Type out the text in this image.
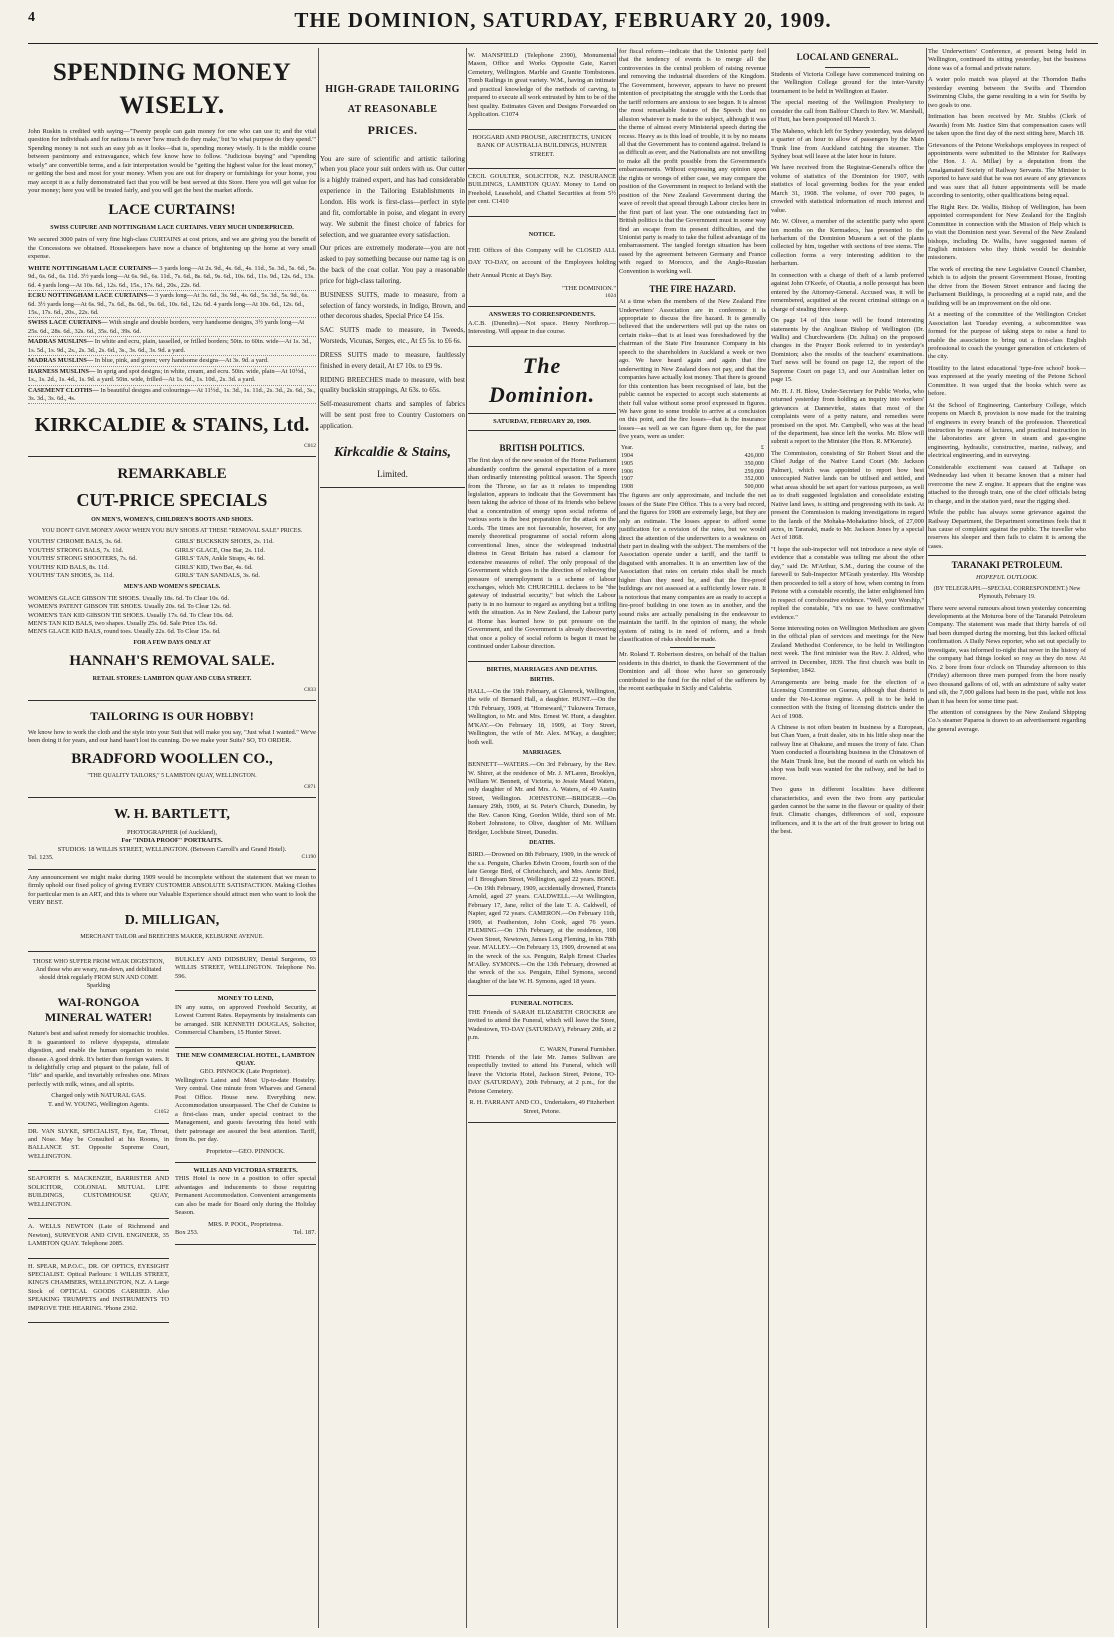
4	THE DOMINION, SATURDAY, FEBRUARY 20, 1909.
SPENDING MONEY WISELY.

John Ruskin is credited with saying—"Twenty people can gain money for one who can use it; and the vital question for individuals and for nations is never 'how much do they make,' but 'to what purpose do they spend.'" Spending money is not such an easy job as it looks—that is, spending money wisely. It is the middle course between parsimony and extravagance, which few know how to follow. "Judicious buying" and "spending wisely" are convertible terms, and a fair interpretation would be "getting the highest value for the least money," or getting the best and most for your money. When you are out for drapery or furnishings for your home, you may accept it as a fully demonstrated fact that you will be best served at this Store. Here you will get value for your money; here you will be treated fairly, and you will get the best the market affords.

LACE CURTAINS!
SWISS CUIPURE AND NOTTINGHAM LACE CURTAINS. VERY MUCH UNDERPRICED.

We secured 3000 pairs of very fine high-class CURTAINS at cost prices, and we are giving you the benefit of the Concessions we obtained. Housekeepers have now a chance of brightening up the home at very small expense.

WHITE NOTTINGHAM LACE CURTAINS— 3 yards long—At 2s. 9d., 4s. 6d., 4s. 11d., 5s. 3d., 5s. 6d., 5s. 9d., 6s. 6d., 6s. 11d. 3½ yards long—At 6s. 9d., 6s. 11d., 7s. 6d., 8s. 6d., 9s. 6d., 10s. 6d., 11s. 9d., 12s. 6d., 13s. 6d. 4 yards long—At 10s. 6d., 12s. 6d., 15s., 17s. 6d., 20s., 22s. 6d.
ECRU NOTTINGHAM LACE CURTAINS— 3 yards long—At 3s. 6d., 3s. 9d., 4s. 6d., 5s. 3d., 5s. 9d., 6s. 6d. 3½ yards long—At 6s. 9d., 7s. 6d., 8s. 6d., 9s. 6d., 10s. 6d., 12s. 6d. 4 yards long—At 10s. 6d., 12s. 6d., 15s., 17s. 6d., 20s., 22s. 6d.
SWISS LACE CURTAINS— With single and double borders, very handsome designs, 3½ yards long—At 25s. 6d., 28s. 6d., 32s. 6d., 35s. 6d., 39s. 6d.
MADRAS MUSLINS— In white and ecru, plain, tasselled, or frilled borders; 50in. to 60in. wide—At 1s. 3d., 1s. 5d., 1s. 9d., 2s., 2s. 3d., 2s. 6d., 3s., 3s. 6d., 3s. 9d. a yard.
MADRAS MUSLINS— In blue, pink, and green; very handsome designs—At 3s. 9d. a yard.
HARNESS MUSLINS— In sprig and spot designs; in white, cream, and ecru. 50in. wide, plain—At 10½d., 1s., 1s. 2d., 1s. 4d., 1s. 9d. a yard. 50in. wide, frilled—At 1s. 6d., 1s. 10d., 2s. 3d. a yard.
CASEMENT CLOTHS— In beautiful designs and colourings—At 11½d., 1s. 3d., 1s. 11d., 2s. 3d., 2s. 6d., 3s., 3s. 3d., 3s. 6d., 4s.
KIRKCALDIE & STAINS, Ltd.
C812
REMARKABLE
CUT-PRICE SPECIALS
ON MEN'S, WOMEN'S, CHILDREN'S BOOTS AND SHOES.
YOU DON'T GIVE MONEY AWAY WHEN YOU BUY SHOES AT THESE "REMOVAL SALE" PRICES.
YOUTHS' CHROME BALS, 3s. 6d.
YOUTHS' STRONG BALS, 7s. 11d.
YOUTHS' STRONG SHOOTERS, 7s. 6d.
YOUTHS' KID BALS, 8s. 11d.
YOUTHS' TAN SHOES, 3s. 11d.
GIRLS' BUCKSKIN SHOES, 2s. 11d.
GIRLS' GLACE, One Bar, 2s. 11d.
GIRLS' TAN, Ankle Straps, 4s. 6d.
GIRLS' KID, Two Bar, 4s. 6d.
GIRLS' TAN SANDALS, 3s. 6d.
MEN'S AND WOMEN'S SPECIALS.
WOMEN'S GLACE GIBSON TIE SHOES. Usually 18s. 6d. To Clear 10s. 6d.
WOMEN'S PATENT GIBSON TIE SHOES. Usually 20s. 6d. To Clear 12s. 6d.
WOMEN'S TAN KID GIBSON TIE SHOES. Usually 17s. 6d. To Clear 10s. 6d.
MEN'S TAN KID BALS, two shapes. Usually 25s. 6d. Sale Price 15s. 6d.
MEN'S GLACE KID BALS, round toes. Usually 22s. 6d. To Clear 15s. 6d.
FOR A FEW DAYS ONLY AT
HANNAH'S REMOVAL SALE.
RETAIL STORES: LAMBTON QUAY AND CUBA STREET.
C833
TAILORING IS OUR HOBBY!

We know how to work the cloth and the style into your Suit that will make you say, "Just what I wanted." We've been doing it for years, and our hand hasn't lost its cunning. Do we make your Suits? SO, TO ORDER.

BRADFORD WOOLLEN CO.,
"THE QUALITY TAILORS," 5 LAMBTON QUAY, WELLINGTON.
C871
W. H. BARTLETT,
PHOTOGRAPHER (of Auckland),
For "INDIA PROOF" PORTRAITS.
STUDIOS: 18 WILLIS STREET, WELLINGTON. (Between Carroll's and Grand Hotel).
Tel. 1235.	C1190

Any announcement we might make during 1909 would be incomplete without the statement that we mean to firmly uphold our fixed policy of giving EVERY CUSTOMER ABSOLUTE SATISFACTION. Making Clothes for particular men is an ART, and this is where our Valuable Experience should attract men who want to look the VERY BEST.

D. MILLIGAN,
MERCHANT TAILOR and BREECHES MAKER, KELBURNE AVENUE.
THOSE WHO SUFFER FROM WEAK DIGESTION, And those who are weary, run-down, and debilitated should drink regularly FROM SUN AND COME Sparkling
WAI-RONGOA MINERAL WATER!

Nature's best and safest remedy for stomachic troubles. It is guaranteed to relieve dyspepsia, stimulate digestion, and enable the human organism to resist disease. A good drink. It's better than foreign waters. It is delightfully crisp and piquant to the palate, full of "life" and sparkle, and invariably refreshes one. Mixes perfectly with milk, wines, and all spirits.

Charged only with NATURAL GAS.
T. and W. YOUNG, Wellington Agents.
C1052

DR. VAN SLYKE, SPECIALIST, Eye, Ear, Throat, and Nose. May be Consulted at his Rooms, in BALLANCE ST. Opposite Supreme Court, WELLINGTON.

SEAFORTH S. MACKENZIE, BARRISTER AND SOLICITOR, COLONIAL MUTUAL LIFE BUILDINGS, CUSTOMHOUSE QUAY, WELLINGTON.

A. WELLS NEWTON (Late of Richmond and Newton), SURVEYOR AND CIVIL ENGINEER, 35 LAMBTON QUAY. Telephone 2085.

H. SPEAR, M.P.O.C., DR. OF OPTICS, EYESIGHT SPECIALIST. Optical Parlours: 1 WILLIS STREET, KING'S CHAMBERS, WELLINGTON, N.Z. A Large Stock of OPTICAL GOODS CARRIED. Also SPEAKING TRUMPETS and INSTRUMENTS TO IMPROVE THE HEARING. 'Phone 2362.

BULKLEY AND DIDSBURY, Dental Surgeons, 93 WILLIS STREET, WELLINGTON. Telephone No. 596.

MONEY TO LEND,

IN any sums, on approved Freehold Security, at Lowest Current Rates. Repayments by instalments can be arranged. SIR KENNETH DOUGLAS, Solicitor, Commercial Chambers, 15 Hunter Street.

THE NEW COMMERCIAL HOTEL, LAMBTON QUAY.
GEO. PINNOCK (Late Proprietor).

Wellington's Latest and Most Up-to-date Hostelry. Very central. One minute from Wharves and General Post Office. House new. Everything new. Accommodation unsurpassed. The Chef de Cuisine is a first-class man, under special contract to the Management, and guests favouring this hotel with their patronage are assured the best attention. Tariff, from 8s. per day.

Proprietor—GEO. PINNOCK.
WILLIS AND VICTORIA STREETS.

THIS Hotel is now in a position to offer special advantages and inducements to those requiring Permanent Accommodation. Convenient arrangements can also be made for Board only during the Holiday Season.

MRS. P. POOL, Proprietress.
Box 253.	Tel. 187.
HIGH-GRADE TAILORING
AT REASONABLE
PRICES.

You are sure of scientific and artistic tailoring when you place your suit orders with us. Our cutter is a highly trained expert, and has had considerable experience in the Tailoring Establishments in London. His work is first-class—perfect in style and fit, comfortable in poise, and elegant in every way. We submit the finest choice of fabrics for selection, and we guarantee every satisfaction.

Our prices are extremely moderate—you are not asked to pay something because our name tag is on the back of the coat collar. You pay a reasonable price for high-class tailoring.

BUSINESS SUITS, made to measure, from a selection of fancy worsteds, in Indigo, Brown, and other decorous shades, Special Price £4 15s.

SAC SUITS made to measure, in Tweeds, Worsteds, Vicunas, Serges, etc., At £5 5s. to £6 6s.

DRESS SUITS made to measure, faultlessly finished in every detail, At £7 10s. to £9 9s.

RIDING BREECHES made to measure, with best quality buckskin strappings, At 63s. to 65s.

Self-measurement charts and samples of fabrics will be sent post free to Country Customers on application.

Kirkcaldie & Stains,
Limited.

W. MANSFIELD (Telephone 2390), Monumental Mason, Office and Works Opposite Gate, Karori Cemetery, Wellington. Marble and Granite Tombstones. Tomb Railings in great variety. W.M., having an intimate and practical knowledge of the methods of carving, is prepared to execute all work entrusted by him to be of the best quality. Estimates Given and Designs Forwarded on Application. C1074

HOGGARD AND PROUSE, ARCHITECTS, UNION BANK OF AUSTRALIA BUILDINGS, HUNTER STREET.

CECIL GOULTER, SOLICITOR, N.Z. INSURANCE BUILDINGS, LAMBTON QUAY. Money to Lend on Freehold, Leasehold, and Chattel Securities at from 5½ per cent. C1410

NOTICE.

THE Offices of this Company will be CLOSED ALL DAY TO-DAY, on account of the Employees holding their Annual Picnic at Day's Bay.

"THE DOMINION."
1024
ANSWERS TO CORRESPONDENTS.

A.C.B. (Dunedin).—Not space. Henry Northrop.—Interesting. Will appear in due course.

The Dominion.
SATURDAY, FEBRUARY 20, 1909.
BRITISH POLITICS.

The first days of the new session of the Home Parliament abundantly confirm the general expectation of a more than ordinarily interesting political season. The Speech from the Throne, so far as it relates to impending legislation, appears to indicate that the Government has been taking the advice of those of its friends who believe that a concentration of energy upon social reforms of various sorts is the best preparation for the attack on the Lords. The times are not favourable, however, for any merely theoretical programme of social reform along conventional lines, since the widespread industrial distress in Great Britain has raised a clamour for extensive measures of relief. The only proposal of the Government which goes in the direction of relieving the pressure of unemployment is a scheme of labour exchanges, which Mr. CHURCHILL declares to be "the gateway of industrial security," but which the Labour party is in no humour to regard as anything but a trifling with the situation. As in New Zealand, the Labour party at Home has learned how to put pressure on the Government, and the Government is already discovering that once a policy of social reform is begun it must be continued under Labour direction.

BIRTHS, MARRIAGES AND DEATHS.
BIRTHS.

HALL.—On the 19th February, at Glenrock, Wellington, the wife of Bernard Hall, a daughter. HUNT.—On the 17th February, 1909, at "Homeward," Tukuwera Terrace, Wellington, to Mr. and Mrs. Ernest W. Hunt, a daughter. M'KAY.—On February 18, 1909, at Tory Street, Wellington, the wife of Mr. Alex. M'Kay, a daughter; both well.

MARRIAGES.

BENNETT—WATERS.—On 3rd February, by the Rev. W. Shirer, at the residence of Mr. J. M'Laren, Brooklyn, William W. Bennett, of Victoria, to Jessie Maud Waters, only daughter of Mr. and Mrs. A. Waters, of 49 Austin Street, Wellington. JOHNSTONE—BRIDGER.—On January 29th, 1909, at St. Peter's Church, Dunedin, by the Rev. Canon King, Gordon Wilde, third son of Mr. Robert Johnstone, to Olive, daughter of Mr. William Bridger, Lochbuie Street, Dunedin.

DEATHS.

BIRD.—Drowned on 8th February, 1909, in the wreck of the s.s. Penguin, Charles Edwin Croom, fourth son of the late George Bird, of Christchurch, and Mrs. Annie Bird, of 1 Brougham Street, Wellington, aged 22 years. BONE.—On 19th February, 1909, accidentally drowned, Francis Arnold, aged 27 years. CALDWELL.—At Wellington, February 17, Jane, relict of the late T. A. Caldwell, of Napier, aged 72 years. CAMERON.—On February 11th, 1909, at Featherston, John Cook, aged 76 years. FLEMING.—On 17th February, at the residence, 108 Owen Street, Newtown, James Long Fleming, in his 78th year. M'ALLEY.—On February 13, 1909, drowned at sea in the wreck of the s.s. Penguin, Ralph Ernest Charles M'Alley. SYMONS.—On the 13th February, drowned at the wreck of the s.s. Penguin, Ethel Symons, second daughter of the late W. H. Symons, aged 18 years.

FUNERAL NOTICES.

THE Friends of SARAH ELIZABETH CROCKER are invited to attend the Funeral, which will leave the Store, Wadestown, TO-DAY (SATURDAY), February 20th, at 2 p.m.

C. WARN, Funeral Furnisher.

THE Friends of the late Mr. James Sullivan are respectfully invited to attend his Funeral, which will leave the Victoria Hotel, Jackson Street, Petone, TO-DAY (SATURDAY), 20th February, at 2 p.m., for the Petone Cemetery.

R. H. FARRANT AND CO., Undertakers, 49 Fitzherbert Street, Petone.

for fiscal reform—indicate that the Unionist party feel that the tendency of events is to merge all the controversies in the central problem of raising revenue and removing the industrial disorders of the Kingdom. The Government, however, appears to have no present intention of precipitating the struggle with the Lords that the tariff reformers are anxious to see begun. It is almost the most remarkable feature of the Speech that no allusion whatever is made to the subject, although it was the theme of almost every Ministerial speech during the recess. Heavy as is this load of trouble, it is by no means all that the Government has to contend against. Ireland is as difficult as ever, and the Nationalists are not unwilling to make all the profit possible from the Government's embarrassments. Without expressing any opinion upon the rights or wrongs of either case, we may compare the position of the Government in respect to Ireland with the position of the New Zealand Government during the wave of revolt that spread through Labour circles here in the first part of last year. The one outstanding fact in British politics is that the Government must in some way find an escape from its present difficulties, and the Unionist party is ready to take the fullest advantage of its embarrassment. The tangled foreign situation has been eased by the agreement between Germany and France with regard to Morocco, and the Anglo-Russian Convention is working well.

THE FIRE HAZARD.

At a time when the members of the New Zealand Fire Underwriters' Association are in conference it is appropriate to discuss the fire hazard. It is generally believed that the underwriters will put up the rates on certain risks—that is at least was foreshadowed by the chairman of the State Fire Insurance Company in his speech to the shareholders in Auckland a week or two ago. We have heard again and again that fire underwriting in New Zealand does not pay, and that the companies have actually lost money. That there is ground for this contention has been recognised of late, but the public cannot be expected to accept such statements at their full value without some proof expressed in figures. We have gone to some trouble to arrive at a conclusion on this point, and the fire losses—that is the insurance losses—as well as we can figure them up, for the past five years, were as under:

Year.	£
1904	426,000
1905	350,000
1906	259,000
1907	352,000
1908	500,000

The figures are only approximate, and include the net losses of the State Fire Office. This is a very bad record, and the figures for 1908 are extremely large, but they are only an estimate. The losses appear to afford some justification for a revision of the rates, but we would direct the attention of the underwriters to a weakness on their part in dealing with the subject. The members of the Association operate under a tariff, and the tariff is disguised with anomalies. It is an unwritten law of the Association that rates on certain risks shall be much higher than they need be, and that the fire-proof buildings are not assessed at a sufficiently lower rate. It is notorious that many companies are as ready to accept a fire-proof building in one town as in another, and the sound risks are actually penalising in the endeavour to maintain the tariff. In the opinion of many, the whole system of rating is in need of reform, and a fresh classification of risks should be made.

Mr. Roland T. Robertson desires, on behalf of the Italian residents in this district, to thank the Government of the Dominion and all those who have so generously contributed to the fund for the relief of the sufferers by the recent earthquake in Sicily and Calabria.

LOCAL AND GENERAL.

Students of Victoria College have commenced training on the Wellington College ground for the inter-Varsity tournament to be held in Wellington at Easter.

The special meeting of the Wellington Presbytery to consider the call from Balfour Church to Rev. W. Marshall, of Hutt, has been postponed till March 3.

The Maheno, which left for Sydney yesterday, was delayed a quarter of an hour to allow of passengers by the Main Trunk line from Auckland catching the steamer. The Sydney boat will leave at the later hour in future.

We have received from the Registrar-General's office the volume of statistics of the Dominion for 1907, with statistics of local governing bodies for the year ended March 31, 1908. The volume, of over 700 pages, is crowded with statistical information of much interest and value.

Mr. W. Oliver, a member of the scientific party who spent ten months on the Kermadecs, has presented to the herbarium of the Dominion Museum a set of the plants collected by him, together with sections of tree stems. The collection forms a very interesting addition to the herbarium.

In connection with a charge of theft of a lamb preferred against John O'Keefe, of Otautia, a nolle prosequi has been entered by the Attorney-General. Accused was, it will be remembered, acquitted at the recent criminal sittings on a charge of stealing three sheep.

On page 14 of this issue will be found interesting statements by the Anglican Bishop of Wellington (Dr. Wallis) and Churchwardens (Dr. Julius) on the proposed changes in the Prayer Book referred to in yesterday's Dominion; also the results of the teachers' examinations. Turf news will be found on page 12, the report of the Supreme Court on page 13, and our Australian letter on page 15.

Mr. H. J. H. Blow, Under-Secretary for Public Works, who returned yesterday from holding an inquiry into workers' grievances at Dannevirke, states that most of the complaints were of a petty nature, and remedies were promised on the spot. Mr. Campbell, who was at the head of the department, has since left the works. Mr. Blow will submit a report to the Minister (the Hon. R. M'Kenzie).

The Commission, consisting of Sir Robert Stout and the Chief Judge of the Native Land Court (Mr. Jackson Palmer), which was appointed to report how best unoccupied Native lands can be utilised and settled, and what areas should be set apart for various purposes, as well as to draft suggested legislation and consolidate existing Native land laws, is sitting and progressing with its task. At present the Commission is making investigations in regard to the lands of the Mohaka-Mohakatino block, of 27,000 acres, in Taranaki, made to Mr. Jackson Jones by a special Act of 1868.

"I hope the sub-inspector will not introduce a new style of evidence that a constable was telling me about the other day," said Dr. M'Arthur, S.M., during the course of the farewell to Sub-Inspector M'Grath yesterday. His Worship then proceeded to tell a story of how, when coming in from Petone with a constable recently, the latter enlightened him in respect of corroborative evidence. "Well, your Worship," replied the constable, "it's no use to have confirmative evidence."

Some interesting notes on Wellington Methodism are given in the official plan of services and meetings for the New Zealand Methodist Conference, to be held in Wellington next week. The first minister was the Rev. J. Aldred, who arrived in December, 1839. The first church was built in September, 1842.

Arrangements are being made for the election of a Licensing Committee on Guerau, although that district is under the No-License regime. A poll is to be held in connection with the fixing of licensing districts under the Act of 1908.

A Chinese is not often beaten in business by a European, but Chan Yuen, a fruit dealer, sits in his little shop near the railway line at Ohakune, and muses the irony of fate. Chan Yuen conducted a flourishing business in the Chinatown of the Main Trunk line, but the mound of earth on which his shop was built was wanted for the railway, and he had to move.

Two guns in different localities have different characteristics, and even the two from any particular garden cannot be the same in the flavour or quality of their fruit. Climatic changes, differences of soil, exposure influences, and it is the art of the fruit grower to bring out the best.

The Underwriters' Conference, at present being held in Wellington, continued its sitting yesterday, but the business done was of a formal and private nature.

A water polo match was played at the Thorndon Baths yesterday evening between the Swifts and Thorndon Swimming Clubs, the game resulting in a win for Swifts by two goals to one.

Intimation has been received by Mr. Stubbs (Clerk of Awards) from Mr. Justice Sim that compensation cases will be taken upon the first day of the next sitting here, March 18.

Grievances of the Petone Workshops employees in respect of appointments were submitted to the Minister for Railways (the Hon. J. A. Millar) by a deputation from the Amalgamated Society of Railway Servants. The Minister is reported to have said that he was not aware of any grievances and was sure that all future appointments will be made according to seniority, other qualifications being equal.

The Right Rev. Dr. Wallis, Bishop of Wellington, has been appointed correspondent for New Zealand for the English Committee in connection with the Mission of Help which is to visit the Dominion next year. Several of the New Zealand bishops, including Dr. Wallis, have suggested names of English ministers who they think would be desirable missioners.

The work of erecting the new Legislative Council Chamber, which is to adjoin the present Government House, fronting the drive from the Bowen Street entrance and facing the Parliament Buildings, is proceeding at a rapid rate, and the building will be an improvement on the old one.

At a meeting of the committee of the Wellington Cricket Association last Tuesday evening, a subcommittee was formed for the purpose of taking steps to raise a fund to enable the association to bring out a first-class English professional to coach the younger generation of cricketers of the city.

Hostility to the latest educational 'type-free school' book—was expressed at the yearly meeting of the Petone School Committee. It was urged that the books which were as before.

At the School of Engineering, Canterbury College, which reopens on March 8, provision is now made for the training of engineers in every branch of the profession. Theoretical instruction by means of lectures, and practical instruction in the laboratories are given in steam and gas-engine engineering, hydraulic, constructive, marine, railway, and electrical engineering, and in surveying.

Considerable excitement was caused at Taihape on Wednesday last when it became known that a miner had overcome the new Z engine. It appears that the engine was attached to the through train, one of the chief officials being in charge, and in the station yard, near the rigging shed.

While the public has always some grievance against the Railway Department, the Department sometimes feels that it has cause of complaint against the public. The traveller who reserves his sleeper and then fails to claim it is among the cases.

TARANAKI PETROLEUM.
HOPEFUL OUTLOOK.
(BY TELEGRAPH.—SPECIAL CORRESPONDENT.) New Plymouth, February 19.

There were several rumours about town yesterday concerning developments at the Moturoa bore of the Taranaki Petroleum Company. The statement was made that thirty barrels of oil had been dumped during the morning, but this lacked official confirmation. A Daily News reporter, who set out specially to investigate, was informed to-night that never in the history of the company had things looked so rosy as they do now. At No. 2 bore from four o'clock on Thursday afternoon to this (Friday) afternoon three men pumped from the bore nearly two thousand gallons of oil, with an admixture of salty water and silt, the 7,000 gallons had been in the past, while not less than it has been for some time past.

The attention of consignees by the New Zealand Shipping Co.'s steamer Paparoa is drawn to an advertisement regarding the general average.
